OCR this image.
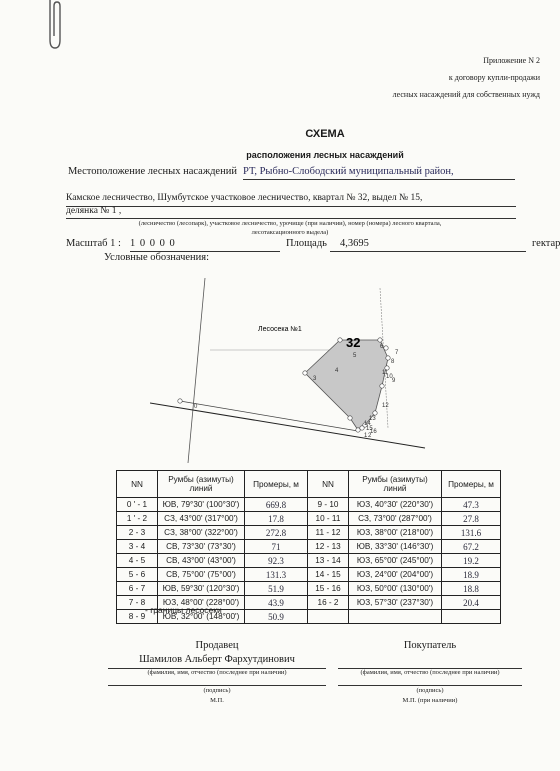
Приложение N 2
к договору купли-продажи
лесных насаждений для собственных нужд
СХЕМА
расположения лесных насаждений
Местоположение лесных насаждений РТ, Рыбно-Слободский муниципальный район,
Камское лесничество, Шумбутское участковое лесничество, квартал № 32, выдел № 15,
делянка № 1 ,
(лесничество (лесопарк), участковое лесничество, урочище (при наличии), номер (номера) лесного квартала,
лесотаксационного выдела)
Масштаб 1 : 1 0 0 0 0	Площадь	4,3695	гектар
Условные обозначения:
Лесосека №1
32
3
4
5
6
7
8
9
10
11
12
13
14
15
16
1 2
0
NN	Румбы (азимуты) линий	Промеры, м	NN	Румбы (азимуты) линий	Промеры, м
0 ' - 1	ЮВ, 79°30' (100°30')	669.8	9 - 10	ЮЗ, 40°30' (220°30')	47.3
1 ' - 2	СЗ, 43°00' (317°00')	17.8	10 - 11	СЗ, 73°00' (287°00')	27.8
2 - 3	СЗ, 38°00' (322°00')	272.8	11 - 12	ЮЗ, 38°00' (218°00')	131.6
3 - 4	СВ, 73°30' (73°30')	71	12 - 13	ЮВ, 33°30' (146°30')	67.2
4 - 5	СВ, 43°00' (43°00')	92.3	13 - 14	ЮЗ, 65°00' (245°00')	19.2
5 - 6	СВ, 75°00' (75°00')	131.3	14 - 15	ЮЗ, 24°00' (204°00')	18.9
6 - 7	ЮВ, 59°30' (120°30')	51.9	15 - 16	ЮЗ, 50°00' (130°00')	18.8
7 - 8	ЮЗ, 48°00' (228°00')	43.9	16 - 2	ЮЗ, 57°30' (237°30')	20.4
8 - 9	ЮВ, 32°00' (148°00')	50.9			
- границы лесосеки
Продавец
Шамилов Альберт Фархутдинович
(фамилия, имя, отчество (последнее при наличии)
(подпись)
М.П.
Покупатель
(фамилия, имя, отчество (последнее при наличии)
(подпись)
М.П. (при наличии)
